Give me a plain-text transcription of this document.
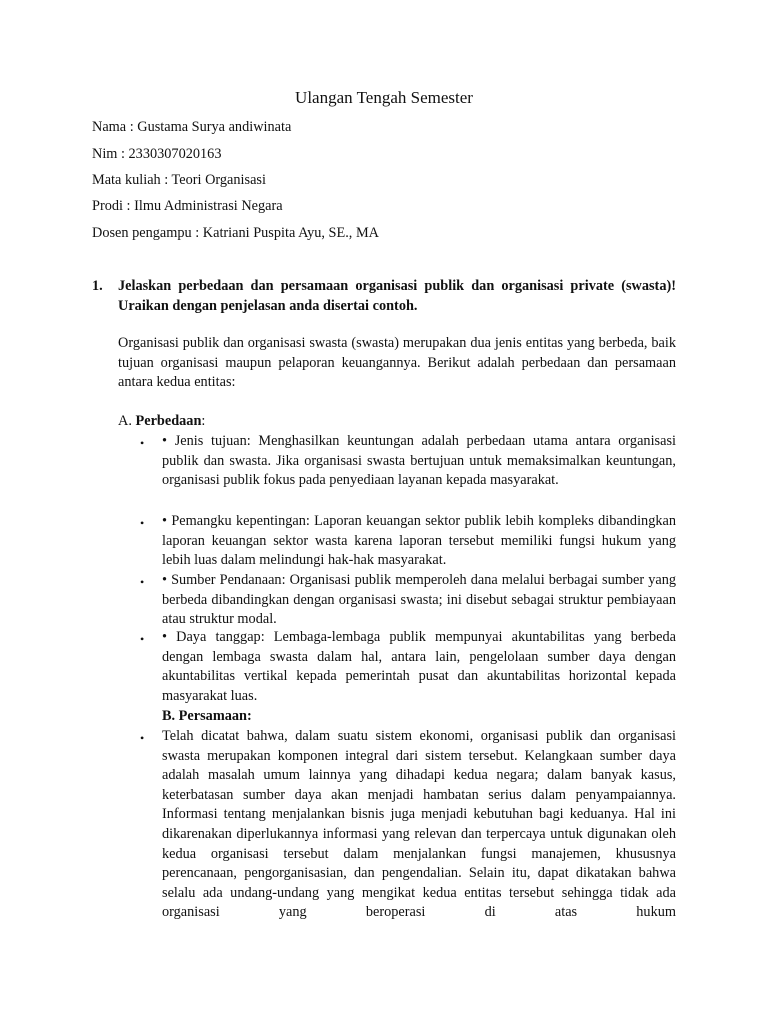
Ulangan Tengah Semester
Nama : Gustama Surya andiwinata
Nim : 2330307020163
Mata kuliah : Teori Organisasi
Prodi : Ilmu Administrasi Negara
Dosen pengampu : Katriani Puspita Ayu, SE., MA
1. Jelaskan perbedaan dan persamaan organisasi publik dan organisasi private (swasta)! Uraikan dengan penjelasan anda disertai contoh.
Organisasi publik dan organisasi swasta (swasta) merupakan dua jenis entitas yang berbeda, baik tujuan organisasi maupun pelaporan keuangannya. Berikut adalah perbedaan dan persamaan antara kedua entitas:
A. Perbedaan:
• • Jenis tujuan: Menghasilkan keuntungan adalah perbedaan utama antara organisasi publik dan swasta. Jika organisasi swasta bertujuan untuk memaksimalkan keuntungan, organisasi publik fokus pada penyediaan layanan kepada masyarakat.
• • Pemangku kepentingan: Laporan keuangan sektor publik lebih kompleks dibandingkan laporan keuangan sektor wasta karena laporan tersebut memiliki fungsi hukum yang lebih luas dalam melindungi hak-hak masyarakat.
• • Sumber Pendanaan: Organisasi publik memperoleh dana melalui berbagai sumber yang berbeda dibandingkan dengan organisasi swasta; ini disebut sebagai struktur pembiayaan atau struktur modal.
• • Daya tanggap: Lembaga-lembaga publik mempunyai akuntabilitas yang berbeda dengan lembaga swasta dalam hal, antara lain, pengelolaan sumber daya dengan akuntabilitas vertikal kepada pemerintah pusat dan akuntabilitas horizontal kepada masyarakat luas.
B. Persamaan:
• Telah dicatat bahwa, dalam suatu sistem ekonomi, organisasi publik dan organisasi swasta merupakan komponen integral dari sistem tersebut. Kelangkaan sumber daya adalah masalah umum lainnya yang dihadapi kedua negara; dalam banyak kasus, keterbatasan sumber daya akan menjadi hambatan serius dalam penyampaiannya. Informasi tentang menjalankan bisnis juga menjadi kebutuhan bagi keduanya. Hal ini dikarenakan diperlukannya informasi yang relevan dan terpercaya untuk digunakan oleh kedua organisasi tersebut dalam menjalankan fungsi manajemen, khususnya perencanaan, pengorganisasian, dan pengendalian. Selain itu, dapat dikatakan bahwa selalu ada undang-undang yang mengikat kedua entitas tersebut sehingga tidak ada organisasi yang beroperasi di atas hukum
